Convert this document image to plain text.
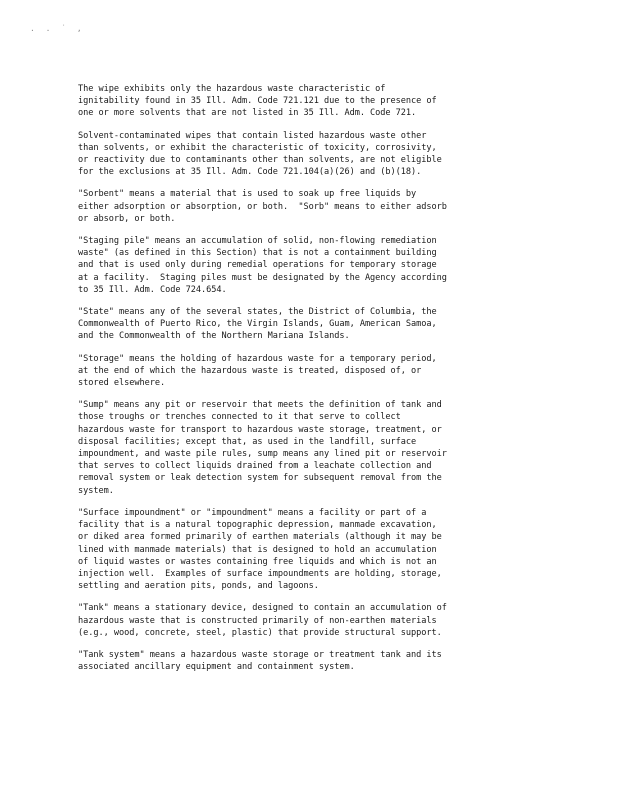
. . ˙ ,

The wipe exhibits only the hazardous waste characteristic of
ignitability found in 35 Ill. Adm. Code 721.121 due to the presence of
one or more solvents that are not listed in 35 Ill. Adm. Code 721.

Solvent-contaminated wipes that contain listed hazardous waste other
than solvents, or exhibit the characteristic of toxicity, corrosivity,
or reactivity due to contaminants other than solvents, are not eligible
for the exclusions at 35 Ill. Adm. Code 721.104(a)(26) and (b)(18).

"Sorbent" means a material that is used to soak up free liquids by
either adsorption or absorption, or both.  "Sorb" means to either adsorb
or absorb, or both.

"Staging pile" means an accumulation of solid, non-flowing remediation
waste" (as defined in this Section) that is not a containment building
and that is used only during remedial operations for temporary storage
at a facility.  Staging piles must be designated by the Agency according
to 35 Ill. Adm. Code 724.654.

"State" means any of the several states, the District of Columbia, the
Commonwealth of Puerto Rico, the Virgin Islands, Guam, American Samoa,
and the Commonwealth of the Northern Mariana Islands.

"Storage" means the holding of hazardous waste for a temporary period,
at the end of which the hazardous waste is treated, disposed of, or
stored elsewhere.

"Sump" means any pit or reservoir that meets the definition of tank and
those troughs or trenches connected to it that serve to collect
hazardous waste for transport to hazardous waste storage, treatment, or
disposal facilities; except that, as used in the landfill, surface
impoundment, and waste pile rules, sump means any lined pit or reservoir
that serves to collect liquids drained from a leachate collection and
removal system or leak detection system for subsequent removal from the
system.

"Surface impoundment" or "impoundment" means a facility or part of a
facility that is a natural topographic depression, manmade excavation,
or diked area formed primarily of earthen materials (although it may be
lined with manmade materials) that is designed to hold an accumulation
of liquid wastes or wastes containing free liquids and which is not an
injection well.  Examples of surface impoundments are holding, storage,
settling and aeration pits, ponds, and lagoons.

"Tank" means a stationary device, designed to contain an accumulation of
hazardous waste that is constructed primarily of non-earthen materials
(e.g., wood, concrete, steel, plastic) that provide structural support.

"Tank system" means a hazardous waste storage or treatment tank and its
associated ancillary equipment and containment system.
